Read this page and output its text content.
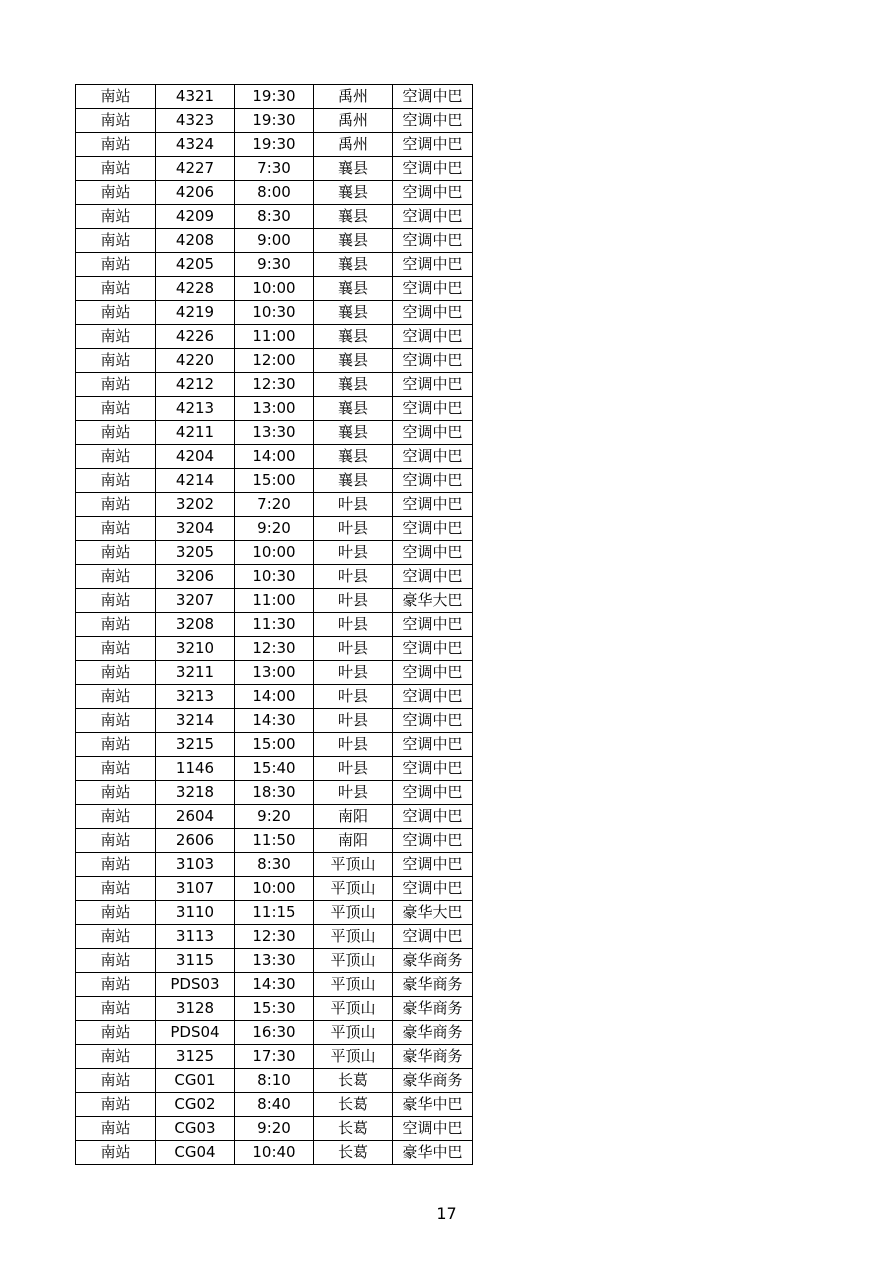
南站	4321	19:30	禹州	空调中巴
南站	4323	19:30	禹州	空调中巴
南站	4324	19:30	禹州	空调中巴
南站	4227	7:30	襄县	空调中巴
南站	4206	8:00	襄县	空调中巴
南站	4209	8:30	襄县	空调中巴
南站	4208	9:00	襄县	空调中巴
南站	4205	9:30	襄县	空调中巴
南站	4228	10:00	襄县	空调中巴
南站	4219	10:30	襄县	空调中巴
南站	4226	11:00	襄县	空调中巴
南站	4220	12:00	襄县	空调中巴
南站	4212	12:30	襄县	空调中巴
南站	4213	13:00	襄县	空调中巴
南站	4211	13:30	襄县	空调中巴
南站	4204	14:00	襄县	空调中巴
南站	4214	15:00	襄县	空调中巴
南站	3202	7:20	叶县	空调中巴
南站	3204	9:20	叶县	空调中巴
南站	3205	10:00	叶县	空调中巴
南站	3206	10:30	叶县	空调中巴
南站	3207	11:00	叶县	豪华大巴
南站	3208	11:30	叶县	空调中巴
南站	3210	12:30	叶县	空调中巴
南站	3211	13:00	叶县	空调中巴
南站	3213	14:00	叶县	空调中巴
南站	3214	14:30	叶县	空调中巴
南站	3215	15:00	叶县	空调中巴
南站	1146	15:40	叶县	空调中巴
南站	3218	18:30	叶县	空调中巴
南站	2604	9:20	南阳	空调中巴
南站	2606	11:50	南阳	空调中巴
南站	3103	8:30	平顶山	空调中巴
南站	3107	10:00	平顶山	空调中巴
南站	3110	11:15	平顶山	豪华大巴
南站	3113	12:30	平顶山	空调中巴
南站	3115	13:30	平顶山	豪华商务
南站	PDS03	14:30	平顶山	豪华商务
南站	3128	15:30	平顶山	豪华商务
南站	PDS04	16:30	平顶山	豪华商务
南站	3125	17:30	平顶山	豪华商务
南站	CG01	8:10	长葛	豪华商务
南站	CG02	8:40	长葛	豪华中巴
南站	CG03	9:20	长葛	空调中巴
南站	CG04	10:40	长葛	豪华中巴
17
